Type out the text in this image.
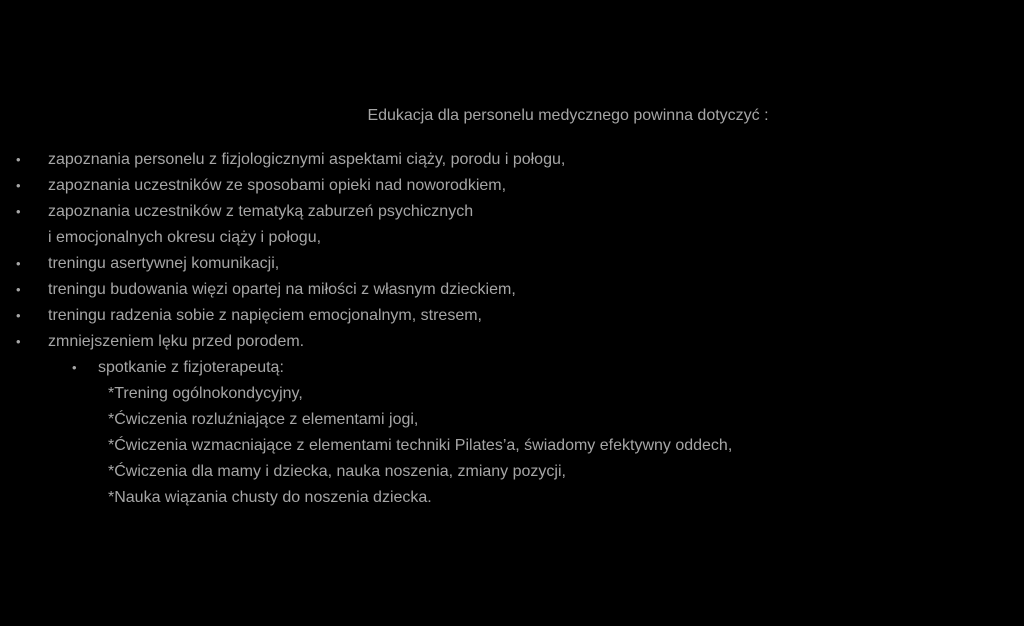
Edukacja dla personelu medycznego powinna dotyczyć :
• zapoznania personelu z fizjologicznymi aspektami ciąży, porodu i połogu,
• zapoznania uczestników ze sposobami opieki nad noworodkiem,
• zapoznania uczestników z tematyką zaburzeń psychicznych
i emocjonalnych okresu ciąży i połogu,
• treningu asertywnej komunikacji,
• treningu budowania więzi opartej na miłości z własnym dzieckiem,
• treningu radzenia sobie z napięciem emocjonalnym, stresem,
• zmniejszeniem lęku przed porodem.
• spotkanie z fizjoterapeutą:
*Trening ogólnokondycyjny,
*Ćwiczenia rozluźniające z elementami jogi,
*Ćwiczenia wzmacniające z elementami techniki Pilates’a, świadomy efektywny oddech,
*Ćwiczenia dla mamy i dziecka, nauka noszenia, zmiany pozycji,
*Nauka wiązania chusty do noszenia dziecka.
